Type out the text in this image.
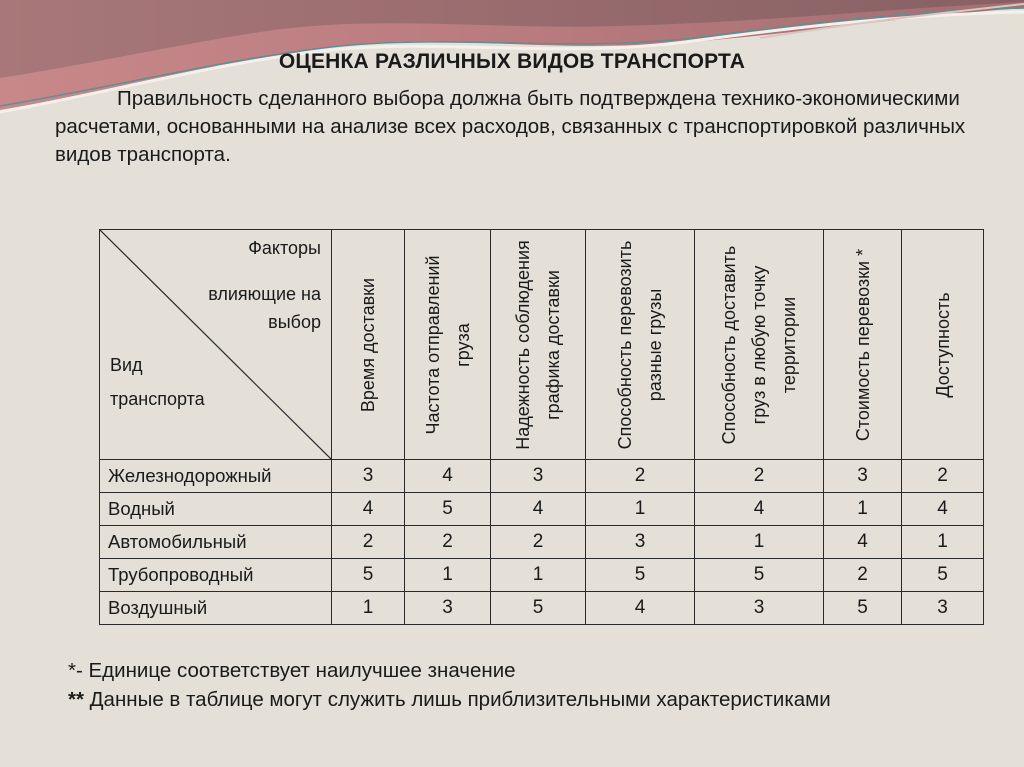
ОЦЕНКА РАЗЛИЧНЫХ ВИДОВ ТРАНСПОРТА

Правильность сделанного выбора должна быть подтверждена технико-экономическими расчетами, основанными на анализе всех расходов, связанных с транспортировкой различных видов транспорта.

Факторы
влияющие на
выбор
Вид
транспорта	Время доставки	Частота отправлений груза	Надежность соблюдения графика доставки	Способность перевозить разные грузы	Способность доставить груз в любую точку территории	Стоимость перевозки *	Доступность

Железнодорожный	3	4	3	2	2	3	2
Водный	4	5	4	1	4	1	4
Автомобильный	2	2	2	3	1	4	1
Трубопроводный	5	1	1	5	5	2	5
Воздушный	1	3	5	4	3	5	3
*- Единице соответствует наилучшее значение
** Данные в таблице могут служить лишь приблизительными характеристиками
